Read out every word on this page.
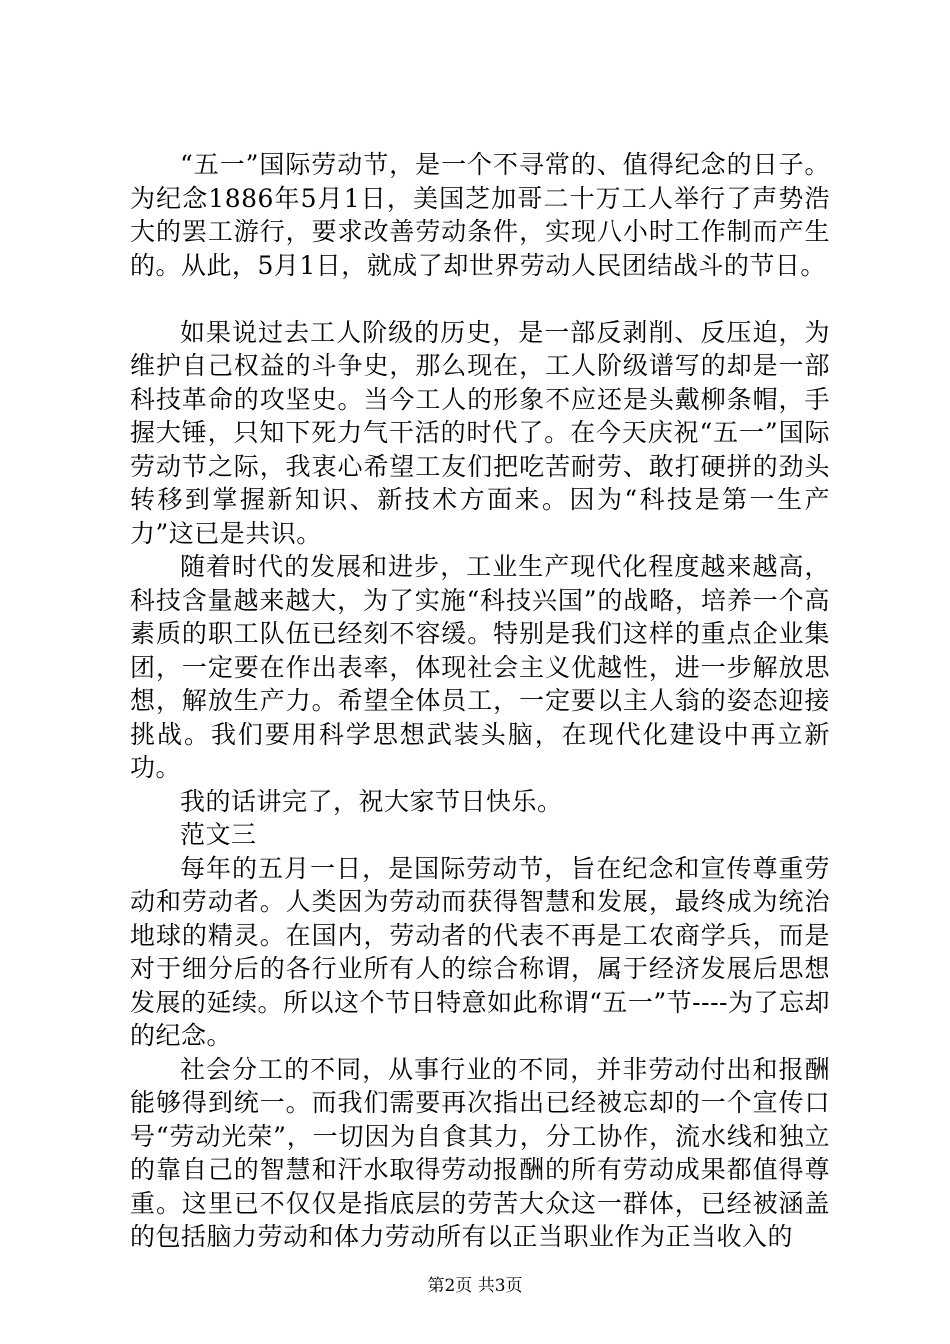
“五一”国际劳动节，是一个不寻常的、值得纪念的日子。为纪念1886年5月1日，美国芝加哥二十万工人举行了声势浩大的罢工游行，要求改善劳动条件，实现八小时工作制而产生的。从此，5月1日，就成了却世界劳动人民团结战斗的节日。

如果说过去工人阶级的历史，是一部反剥削、反压迫，为维护自己权益的斗争史，那么现在，工人阶级谱写的却是一部科技革命的攻坚史。当今工人的形象不应还是头戴柳条帽，手握大锤，只知下死力气干活的时代了。在今天庆祝“五一”国际劳动节之际，我衷心希望工友们把吃苦耐劳、敢打硬拼的劲头转移到掌握新知识、新技术方面来。因为“科技是第一生产力”这已是共识。

随着时代的发展和进步，工业生产现代化程度越来越高，科技含量越来越大，为了实施“科技兴国”的战略，培养一个高素质的职工队伍已经刻不容缓。特别是我们这样的重点企业集团，一定要在作出表率，体现社会主义优越性，进一步解放思想，解放生产力。希望全体员工，一定要以主人翁的姿态迎接挑战。我们要用科学思想武装头脑，在现代化建设中再立新功。

我的话讲完了，祝大家节日快乐。

范文三

每年的五月一日，是国际劳动节，旨在纪念和宣传尊重劳动和劳动者。人类因为劳动而获得智慧和发展，最终成为统治地球的精灵。在国内，劳动者的代表不再是工农商学兵，而是对于细分后的各行业所有人的综合称谓，属于经济发展后思想发展的延续。所以这个节日特意如此称谓“五一”节----为了忘却的纪念。

社会分工的不同，从事行业的不同，并非劳动付出和报酬能够得到统一。而我们需要再次指出已经被忘却的一个宣传口号“劳动光荣”，一切因为自食其力，分工协作，流水线和独立的靠自己的智慧和汗水取得劳动报酬的所有劳动成果都值得尊重。这里已不仅仅是指底层的劳苦大众这一群体，已经被涵盖的包括脑力劳动和体力劳动所有以正当职业作为正当收入的

第2页 共3页
